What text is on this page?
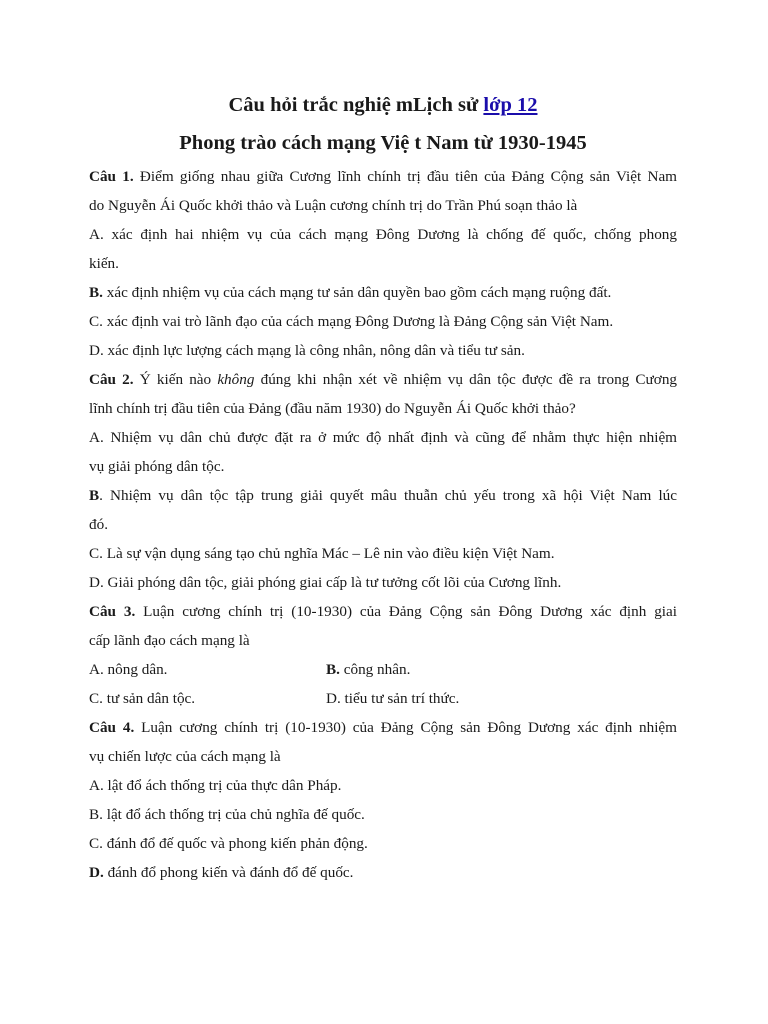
Câu hỏi trắc nghiệ mLịch sử lớp 12
Phong trào cách mạng Việ t Nam từ 1930-1945
Câu 1. Điểm giống nhau giữa Cương lĩnh chính trị đầu tiên của Đảng Cộng sản Việt Nam
do Nguyễn Ái Quốc khởi thảo và Luận cương chính trị do Trần Phú soạn thảo là
A. xác định hai nhiệm vụ của cách mạng Đông Dương là chống đế quốc, chống phong
kiến.
B. xác định nhiệm vụ của cách mạng tư sản dân quyền bao gồm cách mạng ruộng đất.
C. xác định vai trò lãnh đạo của cách mạng Đông Dương là Đảng Cộng sản Việt Nam.
D. xác định lực lượng cách mạng là công nhân, nông dân và tiểu tư sản.
Câu 2. Ý kiến nào không đúng khi nhận xét về nhiệm vụ dân tộc được đề ra trong Cương
lĩnh chính trị đầu tiên của Đảng (đầu năm 1930) do Nguyễn Ái Quốc khởi thảo?
A. Nhiệm vụ dân chủ được đặt ra ở mức độ nhất định và cũng để nhằm thực hiện nhiệm
vụ giải phóng dân tộc.
B. Nhiệm vụ dân tộc tập trung giải quyết mâu thuẫn chủ yếu trong xã hội Việt Nam lúc
đó.
C. Là sự vận dụng sáng tạo chủ nghĩa Mác – Lê nin vào điều kiện Việt Nam.
D. Giải phóng dân tộc, giải phóng giai cấp là tư tưởng cốt lõi của Cương lĩnh.
Câu 3. Luận cương chính trị (10-1930) của Đảng Cộng sản Đông Dương xác định giai
cấp lãnh đạo cách mạng là
A. nông dân.	B. công nhân.
C. tư sản dân tộc.	D. tiểu tư sản trí thức.
Câu 4. Luận cương chính trị (10-1930) của Đảng Cộng sản Đông Dương xác định nhiệm
vụ chiến lược của cách mạng là
A. lật đổ ách thống trị của thực dân Pháp.
B. lật đổ ách thống trị của chủ nghĩa đế quốc.
C. đánh đổ đế quốc và phong kiến phản động.
D. đánh đổ phong kiến và đánh đổ đế quốc.
